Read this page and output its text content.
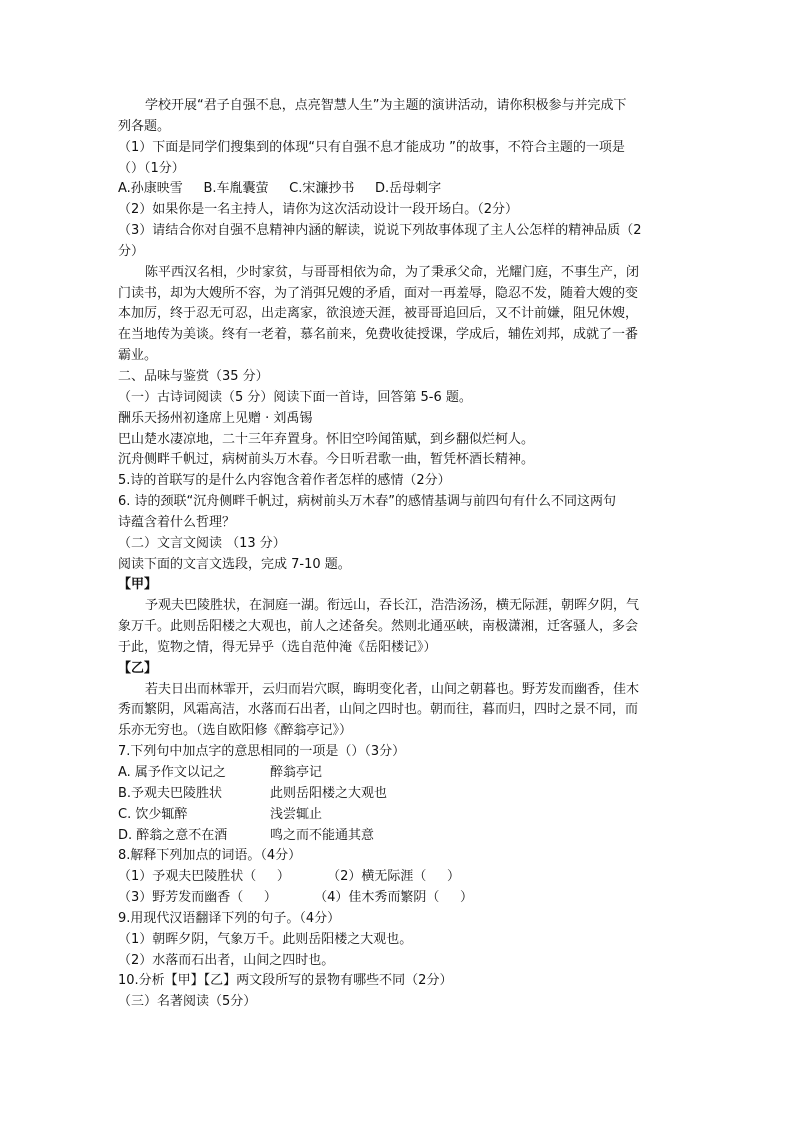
学校开展“君子自强不息，点亮智慧人生”为主题的演讲活动，请你积极参与并完成下
列各题。
（1）下面是同学们搜集到的体现“只有自强不息才能成功 ”的故事，不符合主题的一项是
（）（1分）
A.孙康映雪     B.车胤囊萤     C.宋濂抄书     D.岳母刺字
（2）如果你是一名主持人，请你为这次活动设计一段开场白。（2分）
（3）请结合你对自强不息精神内涵的解读，说说下列故事体现了主人公怎样的精神品质（2
分）
陈平西汉名相，少时家贫，与哥哥相依为命，为了秉承父命，光耀门庭，不事生产，闭
门读书，却为大嫂所不容，为了消弭兄嫂的矛盾，面对一再羞辱，隐忍不发，随着大嫂的变
本加厉，终于忍无可忍，出走离家，欲浪迹天涯，被哥哥追回后，又不计前嫌，阻兄休嫂，
在当地传为美谈。终有一老着，慕名前来，免费收徒授课，学成后，辅佐刘邦，成就了一番
霸业。
二、品味与鉴赏（35 分）
（一）古诗词阅读（5 分）阅读下面一首诗，回答第 5-6 题。
酬乐天扬州初逢席上见赠 · 刘禹锡
巴山楚水凄凉地，二十三年弃置身。怀旧空吟闻笛赋，到乡翻似烂柯人。
沉舟侧畔千帆过，病树前头万木春。今日听君歌一曲，暂凭杯酒长精神。
5.诗的首联写的是什么内容饱含着作者怎样的感情（2分）
6. 诗的颈联“沉舟侧畔千帆过，病树前头万木春”的感情基调与前四句有什么不同这两句
诗蕴含着什么哲理？
（二）文言文阅读 （13 分）
阅读下面的文言文选段，完成 7-10 题。
【甲】
予观夫巴陵胜状，在洞庭一湖。衔远山，吞长江，浩浩汤汤，横无际涯，朝晖夕阴，气
象万千。此则岳阳楼之大观也，前人之述备矣。然则北通巫峡，南极潇湘，迁客骚人，多会
于此，览物之情，得无异乎（选自范仲淹《岳阳楼记》）
【乙】
若夫日出而林霏开，云归而岩穴暝，晦明变化者，山间之朝暮也。野芳发而幽香，佳木
秀而繁阴，风霜高洁，水落而石出者，山间之四时也。朝而往，暮而归，四时之景不同，而
乐亦无穷也。（选自欧阳修《醉翁亭记》）
7.下列句中加点字的意思相同的一项是（）（3分）
A. 属予作文以记之	醉翁亭记
B.予观夫巴陵胜状	此则岳阳楼之大观也
C. 饮少辄醉	浅尝辄止
D. 醉翁之意不在酒	鸣之而不能通其意
8.解释下列加点的词语。（4分）
（1）予观夫巴陵胜状（     ）         （2）横无际涯（     ）
（3）野芳发而幽香（     ）         （4）佳木秀而繁阴（     ）
9.用现代汉语翻译下列的句子。（4分）
（1）朝晖夕阴，气象万千。此则岳阳楼之大观也。
（2）水落而石出者，山间之四时也。
10.分析【甲】【乙】两文段所写的景物有哪些不同（2分）
（三）名著阅读（5分）
